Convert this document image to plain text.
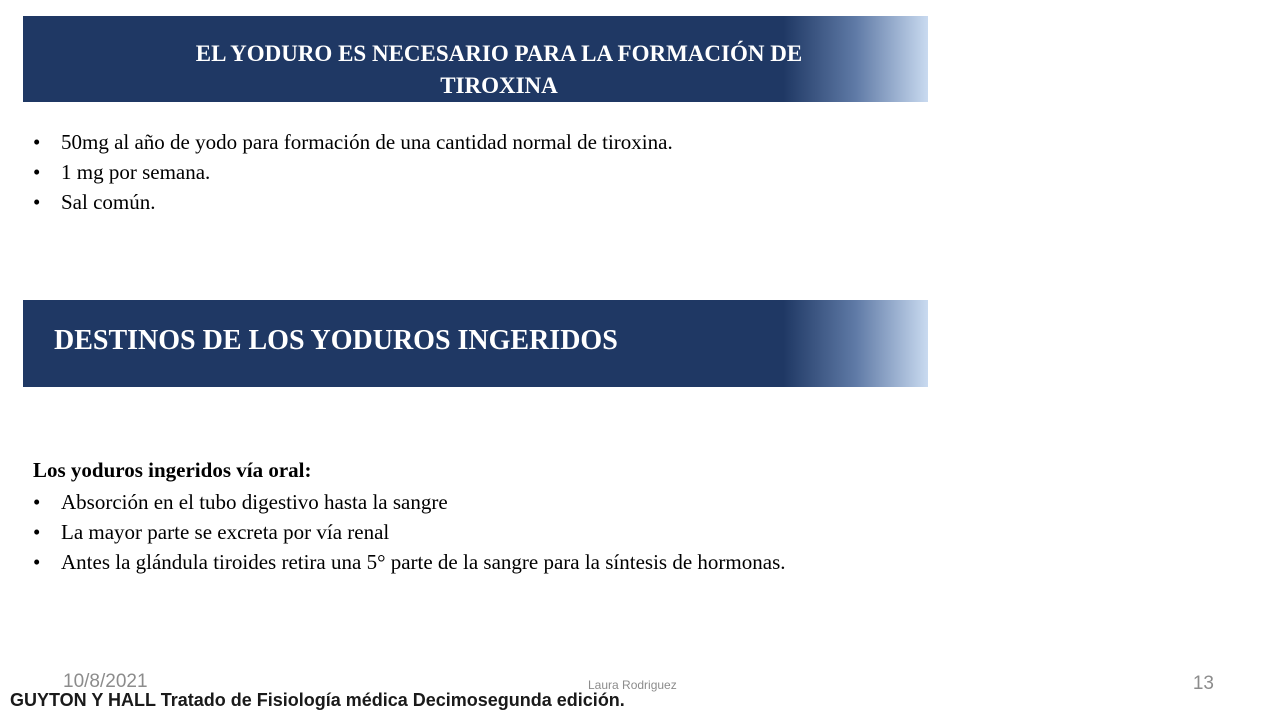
EL YODURO ES NECESARIO PARA LA FORMACIÓN DE
TIROXINA
• 50mg al año de yodo para formación de una cantidad normal de tiroxina.
• 1 mg por semana.
• Sal común.
DESTINOS DE LOS YODUROS INGERIDOS
Los yoduros ingeridos vía oral:
• Absorción en el tubo digestivo hasta la sangre
• La mayor parte se excreta por vía renal
• Antes la glándula tiroides retira una 5° parte de la sangre para la síntesis de hormonas.
10/8/2021	Laura Rodriguez	13
GUYTON Y HALL Tratado de Fisiología médica Decimosegunda edición.
